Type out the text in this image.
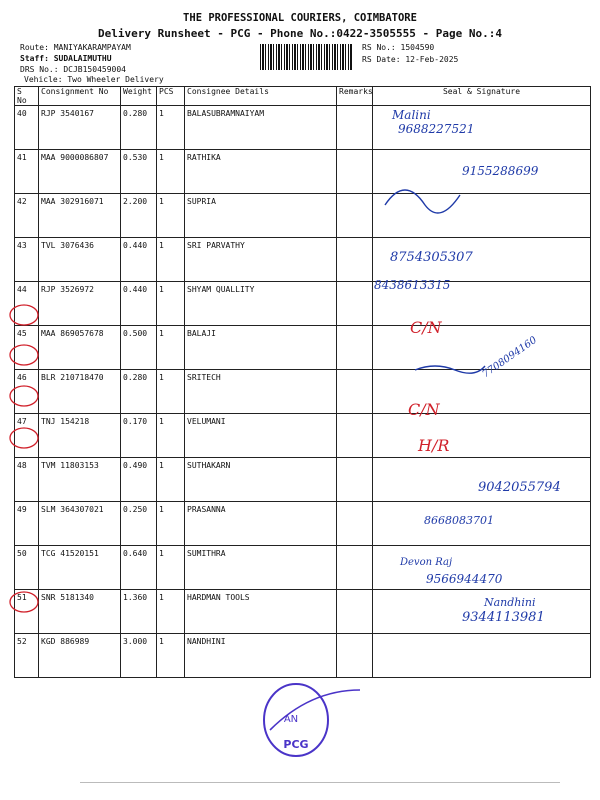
THE PROFESSIONAL COURIERS, COIMBATORE
Delivery Runsheet - PCG - Phone No.:0422-3505555 - Page No.:4
Route: MANIYAKARAMPAYAM
Staff: SUDALAIMUTHU
DRS No.: DCJB150459004
Vehicle: Two Wheeler Delivery
RS No.: 1504590
RS Date: 12-Feb-2025
S No	Consignment No	Weight	PCS	Consignee Details	Remarks	Seal & Signature
40	RJP 3540167	0.280	1	BALASUBRAMNAIYAM		
41	MAA 9000086807	0.530	1	RATHIKA		
42	MAA 302916071	2.200	1	SUPRIA		
43	TVL 3076436	0.440	1	SRI PARVATHY		
44	RJP 3526972	0.440	1	SHYAM QUALLITY		
45	MAA 869057678	0.500	1	BALAJI		
46	BLR 210718470	0.280	1	SRITECH		
47	TNJ 154218	0.170	1	VELUMANI		
48	TVM 11803153	0.490	1	SUTHAKARN		
49	SLM 364307021	0.250	1	PRASANNA		
50	TCG 41520151	0.640	1	SUMITHRA		
51	SNR 5181340	1.360	1	HARDMAN TOOLS		
52	KGD 886989	3.000	1	NANDHINI		
PCG
AN
Malini
9688227521
9155288699
8754305307
8438613315
C/N
7708094160
C/N
H/R
9042055794
8668083701
Devon Raj
9566944470
Nandhini
9344113981
